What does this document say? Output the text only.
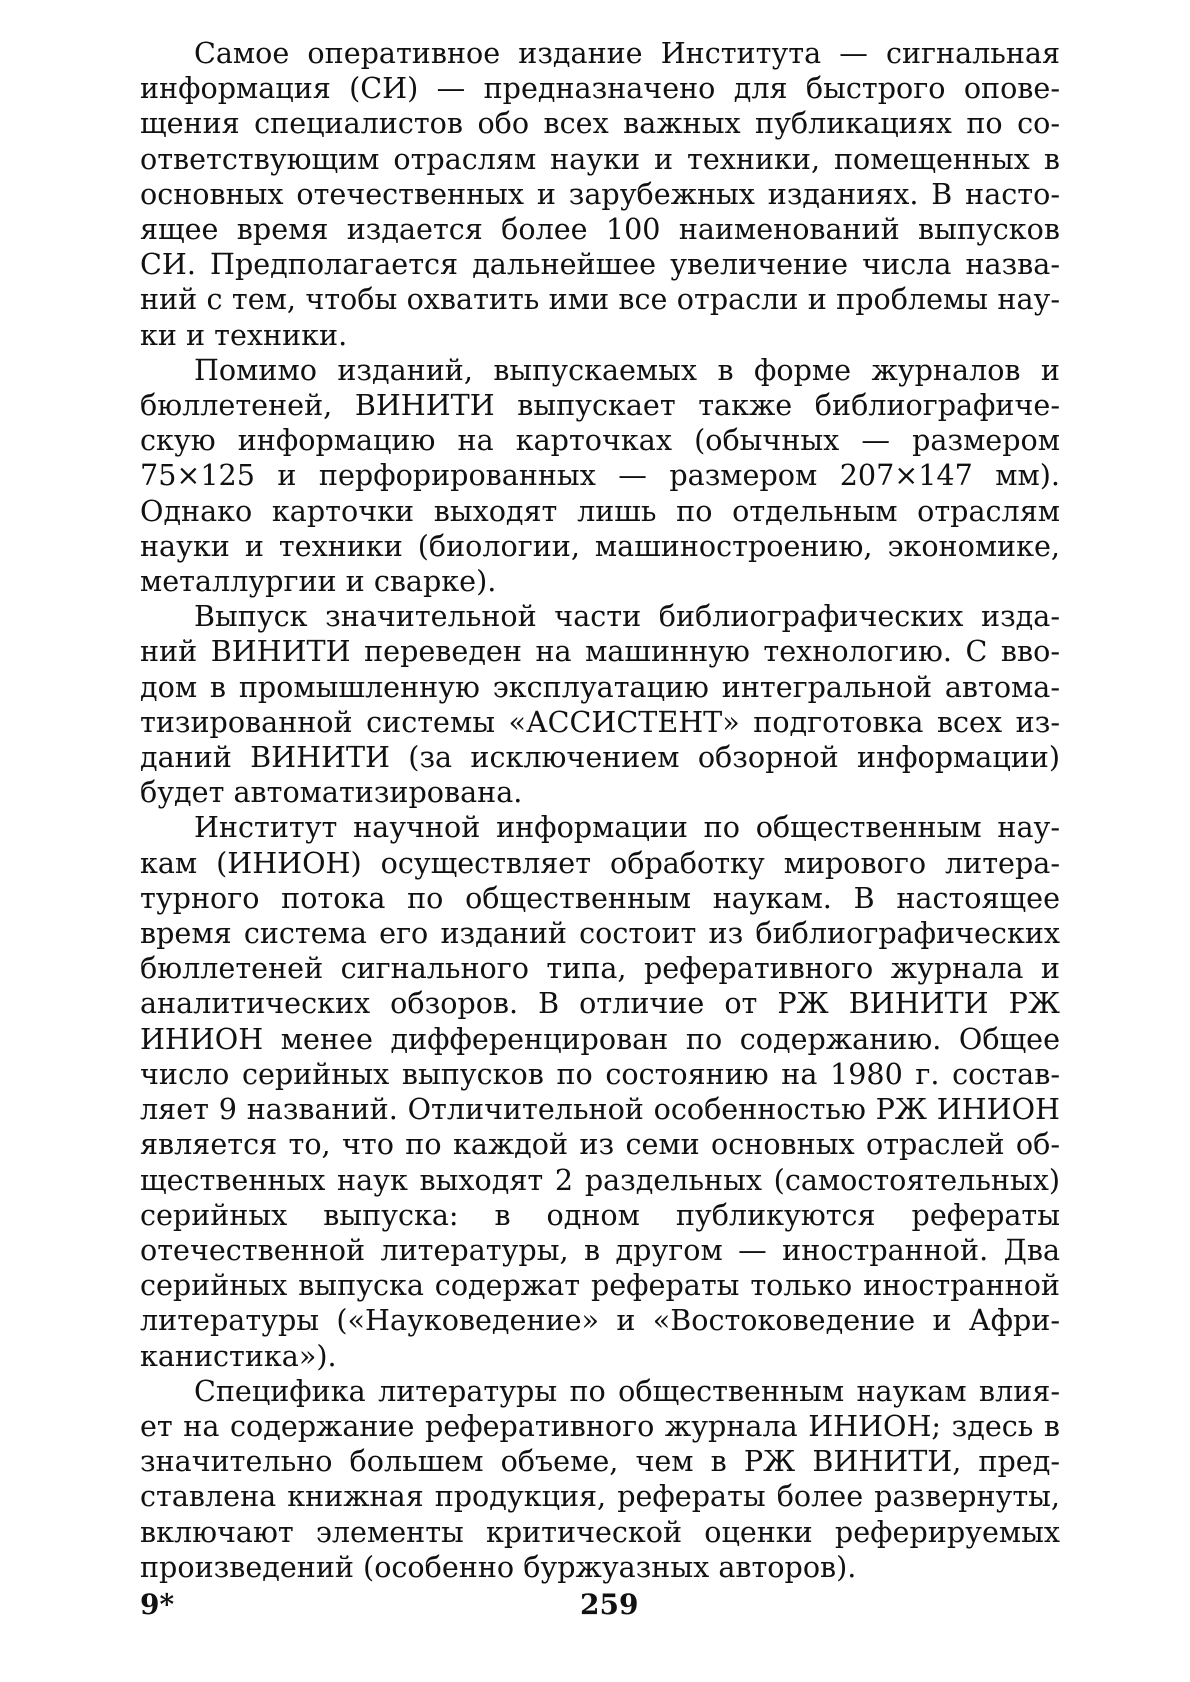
Самое оперативное издание Института — сигнальная информация (СИ) — предназначено для быстрого оповещения специалистов обо всех важных публикациях по соответствующим отраслям науки и техники, помещенных в основных отечественных и зарубежных изданиях. В настоящее время издается более 100 наименований выпусков СИ. Предполагается дальнейшее увеличение числа названий с тем, чтобы охватить ими все отрасли и проблемы науки и техники.

Помимо изданий, выпускаемых в форме журналов и бюллетеней, ВИНИТИ выпускает также библиографическую информацию на карточках (обычных — размером 75×125 и перфорированных — размером 207×147 мм). Однако карточки выходят лишь по отдельным отраслям науки и техники (биологии, машиностроению, экономике, металлургии и сварке).

Выпуск значительной части библиографических изданий ВИНИТИ переведен на машинную технологию. С вводом в промышленную эксплуатацию интегральной автоматизированной системы «АССИСТЕНТ» подготовка всех изданий ВИНИТИ (за исключением обзорной информации) будет автоматизирована.

Институт научной информации по общественным наукам (ИНИОН) осуществляет обработку мирового литературного потока по общественным наукам. В настоящее время система его изданий состоит из библиографических бюллетеней сигнального типа, реферативного журнала и аналитических обзоров. В отличие от РЖ ВИНИТИ РЖ ИНИОН менее дифференцирован по содержанию. Общее число серийных выпусков по состоянию на 1980 г. составляет 9 названий. Отличительной особенностью РЖ ИНИОН является то, что по каждой из семи основных отраслей общественных наук выходят 2 раздельных (самостоятельных) серийных выпуска: в одном публикуются рефераты отечественной литературы, в другом — иностранной. Два серийных выпуска содержат рефераты только иностранной литературы («Науковедение» и «Востоковедение и Африканистика»).

Специфика литературы по общественным наукам влияет на содержание реферативного журнала ИНИОН; здесь в значительно большем объеме, чем в РЖ ВИНИТИ, представлена книжная продукция, рефераты более развернуты, включают элементы критической оценки реферируемых произведений (особенно буржуазных авторов).

9*	259
